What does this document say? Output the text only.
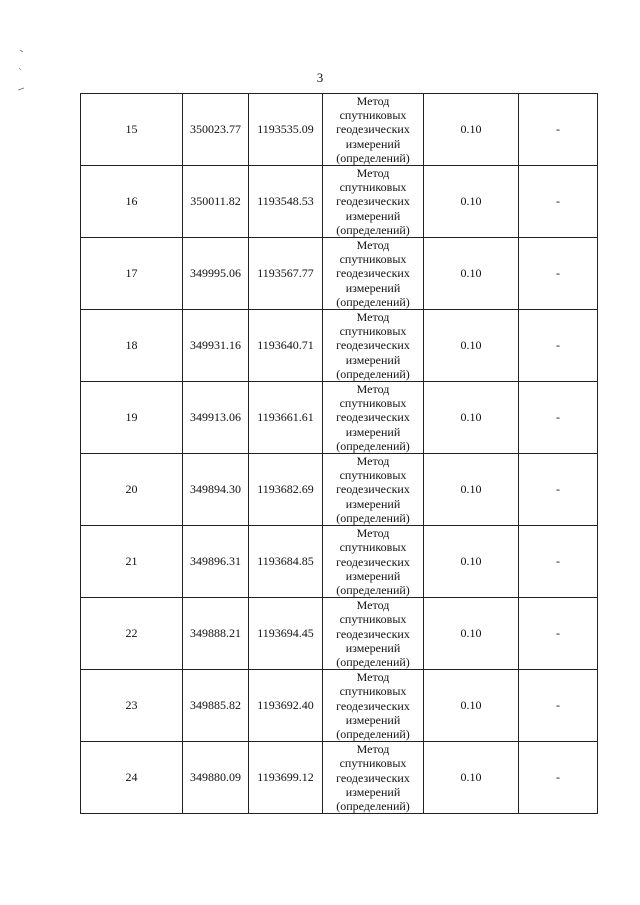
3
15	350023.77	1193535.09	Метод
спутниковых
геодезических
измерений
(определений)	0.10	-
16	350011.82	1193548.53	Метод
спутниковых
геодезических
измерений
(определений)	0.10	-
17	349995.06	1193567.77	Метод
спутниковых
геодезических
измерений
(определений)	0.10	-
18	349931.16	1193640.71	Метод
спутниковых
геодезических
измерений
(определений)	0.10	-
19	349913.06	1193661.61	Метод
спутниковых
геодезических
измерений
(определений)	0.10	-
20	349894.30	1193682.69	Метод
спутниковых
геодезических
измерений
(определений)	0.10	-
21	349896.31	1193684.85	Метод
спутниковых
геодезических
измерений
(определений)	0.10	-
22	349888.21	1193694.45	Метод
спутниковых
геодезических
измерений
(определений)	0.10	-
23	349885.82	1193692.40	Метод
спутниковых
геодезических
измерений
(определений)	0.10	-
24	349880.09	1193699.12	Метод
спутниковых
геодезических
измерений
(определений)	0.10	-
